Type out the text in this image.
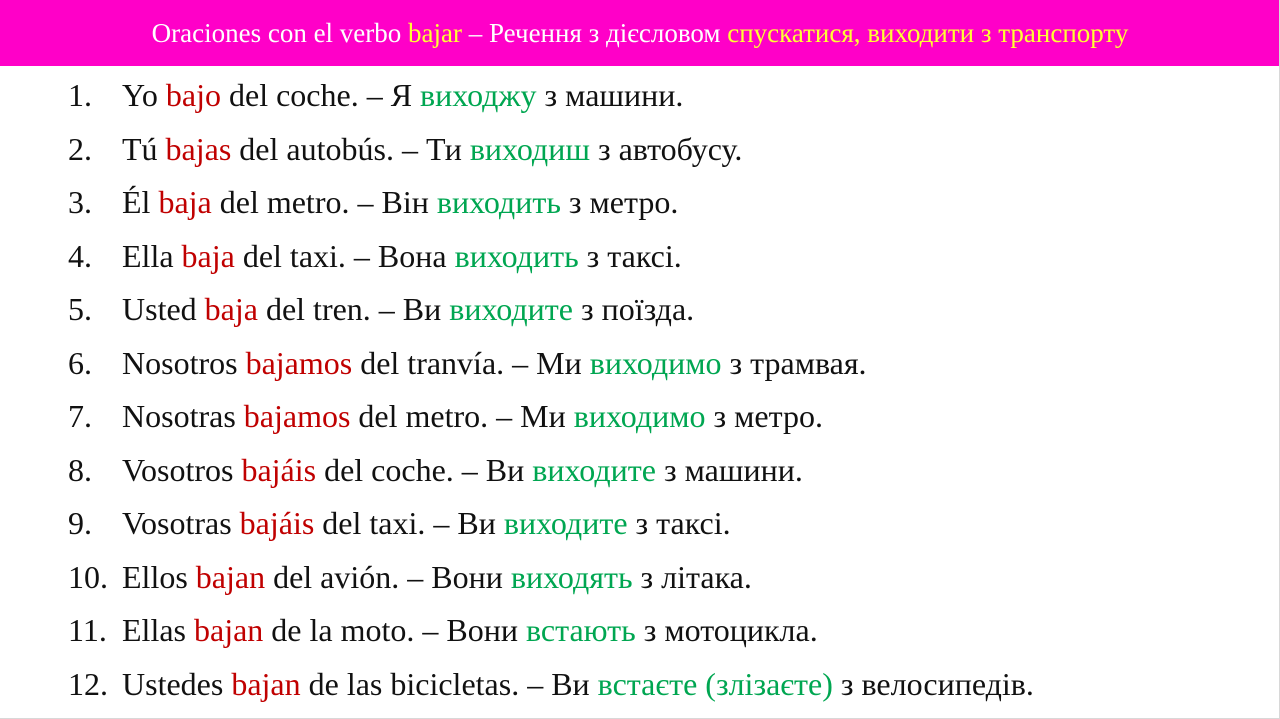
Oraciones con el verbo bajar – Речення з дієсловом спускатися, виходити з транспорту
1. Yo bajo del coche. – Я виходжу з машини.
2. Tú bajas del autobús. – Ти виходиш з автобусу.
3. Él baja del metro. – Він виходить з метро.
4. Ella baja del taxi. – Вона виходить з таксі.
5. Usted baja del tren. – Ви виходите з поїзда.
6. Nosotros bajamos del tranvía. – Ми виходимо з трамвая.
7. Nosotras bajamos del metro. – Ми виходимо з метро.
8. Vosotros bajáis del coche. – Ви виходите з машини.
9. Vosotras bajáis del taxi. – Ви виходите з таксі.
10. Ellos bajan del avión. – Вони виходять з літака.
11. Ellas bajan de la moto. – Вони встають з мотоцикла.
12. Ustedes bajan de las bicicletas. – Ви встаєте (злізаєте) з велосипедів.
